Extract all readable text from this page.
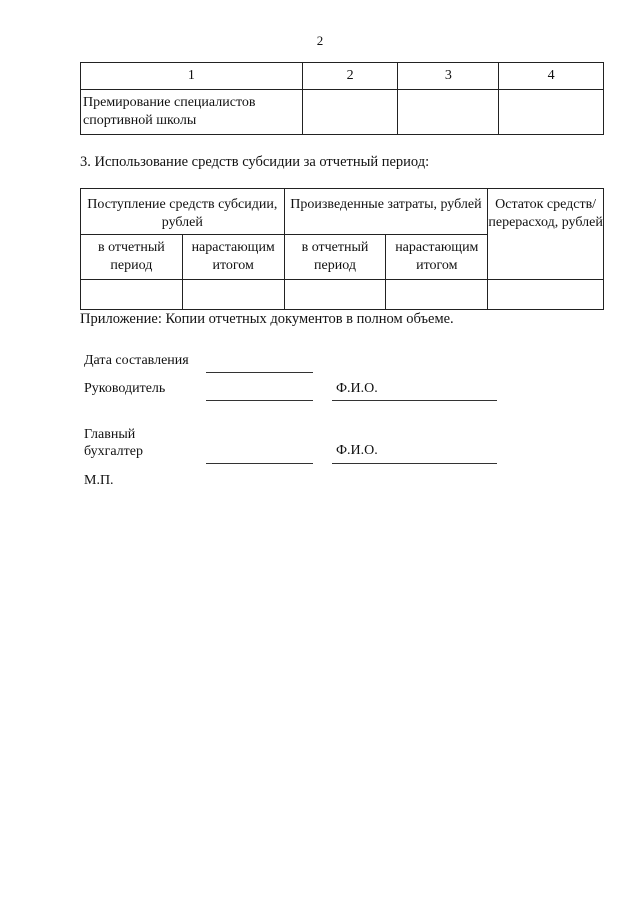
2
1	2	3	4
Премирование специалистов спортивной школы			
3. Использование средств субсидии за отчетный период:
Поступление средств субсидии, рублей		Произведенные затраты, рублей		Остаток средств/ перерасход, рублей
в отчетный период	нарастающим итогом	в отчетный период	нарастающим итогом	

Приложение: Копии отчетных документов в полном объеме.
Дата составления
Руководитель	Ф.И.О.
Главный
бухгалтер	Ф.И.О.
М.П.
